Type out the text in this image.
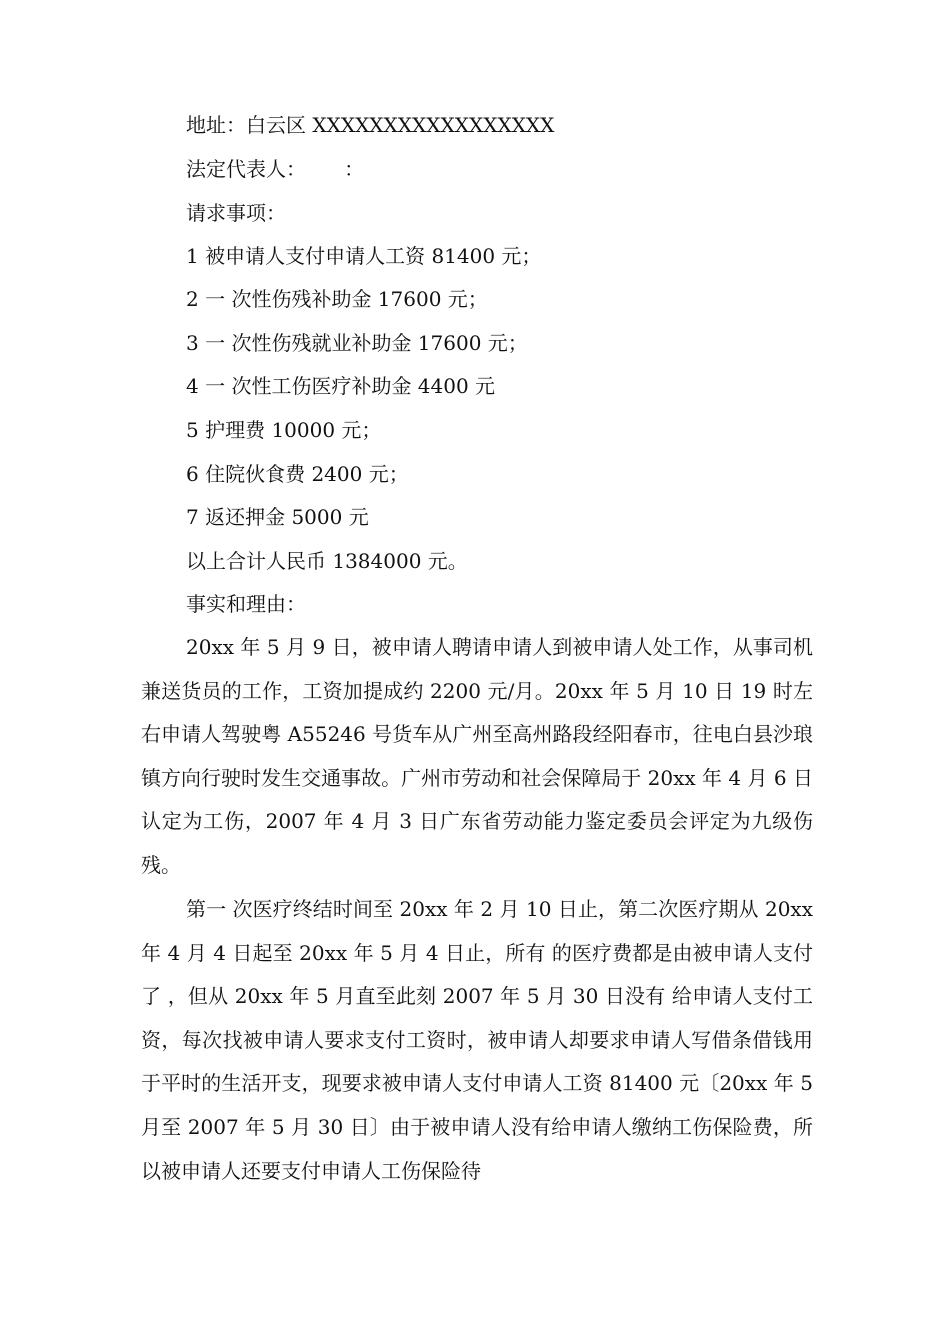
地址：白云区 XXXXXXXXXXXXXXXXX
法定代表人：      ：
请求事项：
1 被申请人支付申请人工资 81400 元；
2 一 次性伤残补助金 17600 元；
3 一 次性伤残就业补助金 17600 元；
4 一 次性工伤医疗补助金 4400 元
5 护理费 10000 元；
6 住院伙食费 2400 元；
7 返还押金 5000 元
以上合计人民币 1384000 元。
事实和理由：

20xx 年 5 月 9 日，被申请人聘请申请人到被申请人处工作，从事司机兼送货员的工作，工资加提成约 2200 元/月。20xx 年 5 月 10 日 19 时左右申请人驾驶粤 A55246 号货车从广州至高州路段经阳春市，往电白县沙琅镇方向行驶时发生交通事故。广州市劳动和社会保障局于 20xx 年 4 月 6 日认定为工伤，2007 年 4 月 3 日广东省劳动能力鉴定委员会评定为九级伤残。

第一 次医疗终结时间至 20xx 年 2 月 10 日止，第二次医疗期从 20xx 年 4 月 4 日起至 20xx 年 5 月 4 日止，所有 的医疗费都是由被申请人支付了 ，但从 20xx 年 5 月直至此刻 2007 年 5 月 30 日没有 给申请人支付工资，每次找被申请人要求支付工资时，被申请人却要求申请人写借条借钱用于平时的生活开支，现要求被申请人支付申请人工资 81400 元〔20xx 年 5 月至 2007 年 5 月 30 日〕由于被申请人没有给申请人缴纳工伤保险费，所以被申请人还要支付申请人工伤保险待
